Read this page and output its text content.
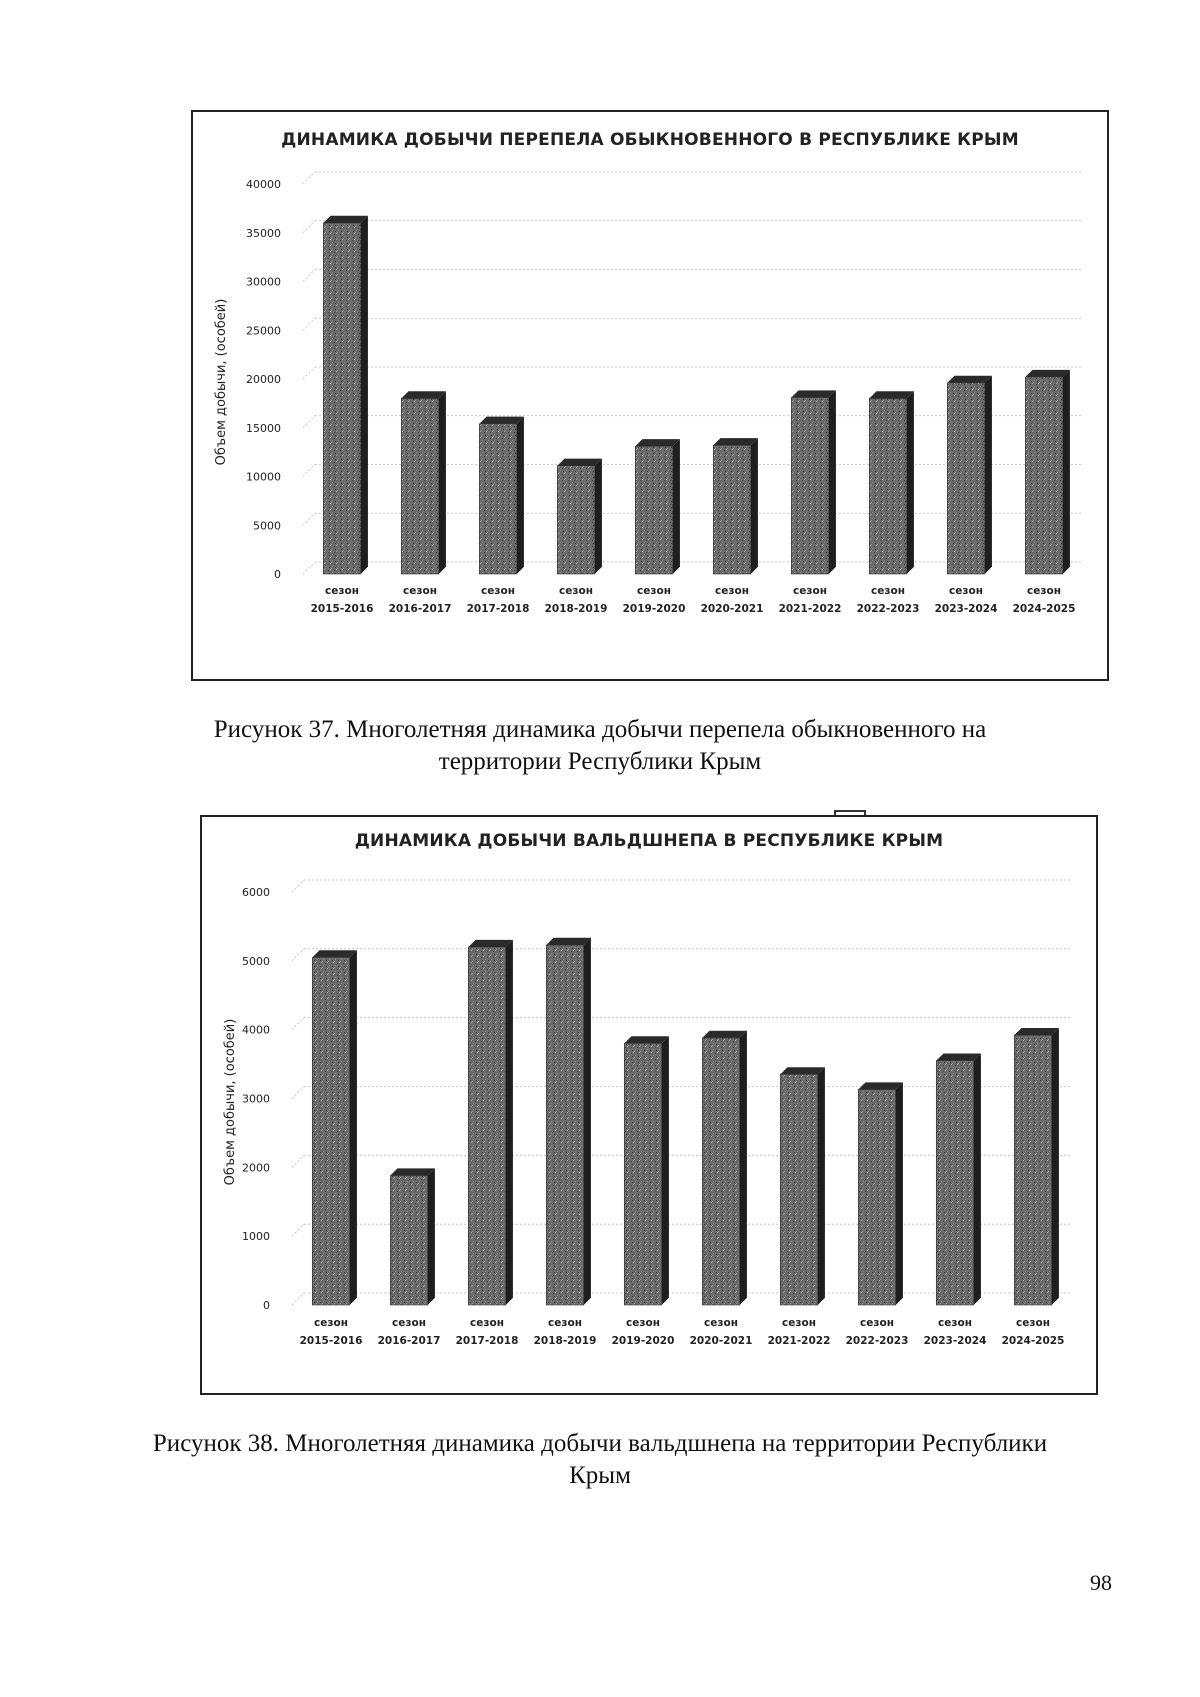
ДИНАМИКА ДОБЫЧИ ПЕРЕПЕЛА ОБЫКНОВЕННОГО В РЕСПУБЛИКЕ КРЫМ
0
5000
10000
15000
20000
25000
30000
35000
40000
Объем добычи, (особей)
сезон
2015-2016
сезон
2016-2017
сезон
2017-2018
сезон
2018-2019
сезон
2019-2020
сезон
2020-2021
сезон
2021-2022
сезон
2022-2023
сезон
2023-2024
сезон
2024-2025
Рисунок 37. Многолетняя динамика добычи перепела обыкновенного на территории Республики Крым
ДИНАМИКА ДОБЫЧИ ВАЛЬДШНЕПА В РЕСПУБЛИКЕ КРЫМ
0
1000
2000
3000
4000
5000
6000
Объем добычи, (особей)
сезон
2015-2016
сезон
2016-2017
сезон
2017-2018
сезон
2018-2019
сезон
2019-2020
сезон
2020-2021
сезон
2021-2022
сезон
2022-2023
сезон
2023-2024
сезон
2024-2025
Рисунок 38. Многолетняя динамика добычи вальдшнепа на территории Республики Крым
98
